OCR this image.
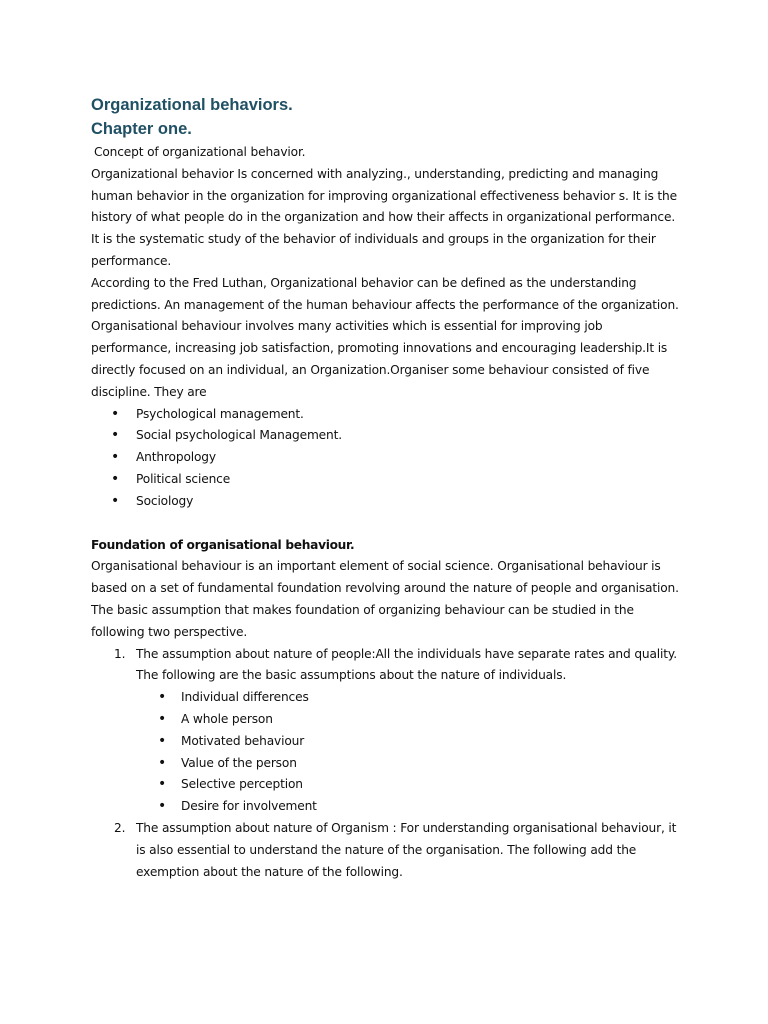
Organizational behaviors.
Chapter one.

Concept of organizational behavior.

Organizational behavior Is concerned with analyzing., understanding, predicting and managing human behavior in the organization for improving organizational effectiveness behavior s. It is the history of what people do in the organization and how their affects in organizational performance. It is the systematic study of the behavior of individuals and groups in the organization for their performance.

According to the Fred Luthan, Organizational behavior can be defined as the understanding predictions. An management of the human behaviour affects the performance of the organization.

Organisational behaviour involves many activities which is essential for improving job performance, increasing job satisfaction, promoting innovations and encouraging leadership.It is directly focused on an individual, an Organization.Organiser some behaviour consisted of five discipline. They are

• Psychological management.
• Social psychological Management.
• Anthropology
• Political science
• Sociology

Foundation of organisational behaviour.

Organisational behaviour is an important element of social science. Organisational behaviour is based on a set of fundamental foundation revolving around the nature of people and organisation. The basic assumption that makes foundation of organizing behaviour can be studied in the following two perspective.

1. The assumption about nature of people:All the individuals have separate rates and quality. The following are the basic assumptions about the nature of individuals.
• Individual differences
• A whole person
• Motivated behaviour
• Value of the person
• Selective perception
• Desire for involvement
2. The assumption about nature of Organism : For understanding organisational behaviour, it is also essential to understand the nature of the organisation. The following add the exemption about the nature of the following.
